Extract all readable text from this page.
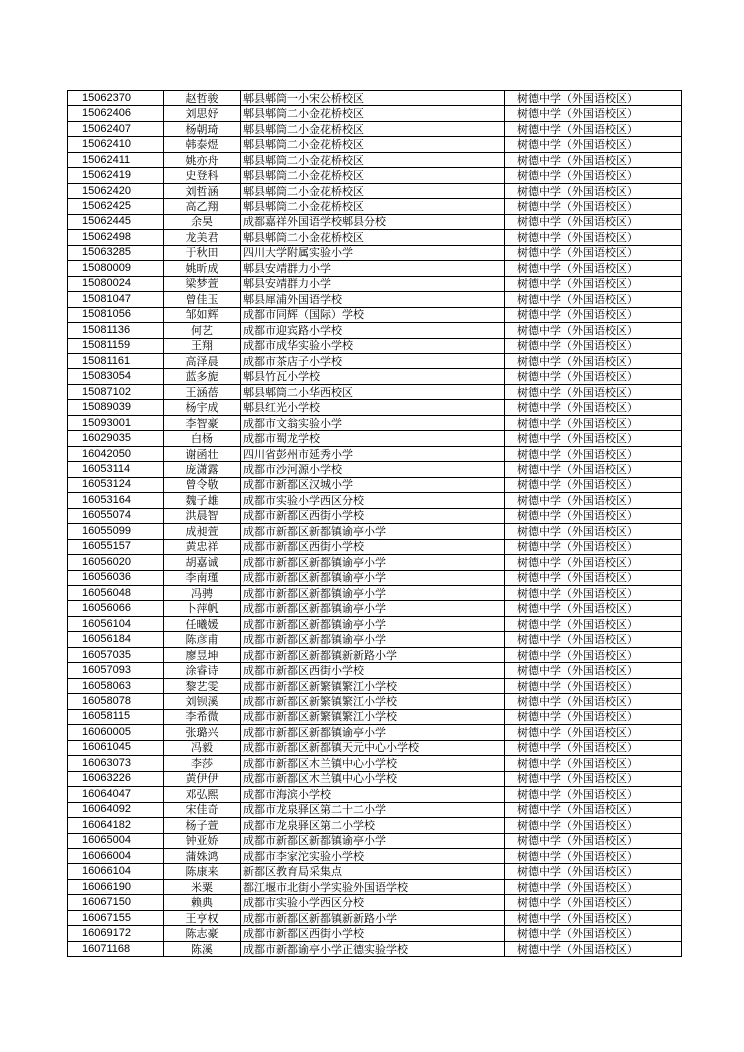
15062370	赵哲骏	郫县郫筒一小宋公桥校区	树德中学（外国语校区）
15062406	刘思妤	郫县郫筒二小金花桥校区	树德中学（外国语校区）
15062407	杨朝琦	郫县郫筒二小金花桥校区	树德中学（外国语校区）
15062410	韩泰煜	郫县郫筒二小金花桥校区	树德中学（外国语校区）
15062411	姚亦舟	郫县郫筒二小金花桥校区	树德中学（外国语校区）
15062419	史登科	郫县郫筒二小金花桥校区	树德中学（外国语校区）
15062420	刘哲涵	郫县郫筒二小金花桥校区	树德中学（外国语校区）
15062425	高乙翔	郫县郫筒二小金花桥校区	树德中学（外国语校区）
15062445	余昊	成都嘉祥外国语学校郫县分校	树德中学（外国语校区）
15062498	龙美君	郫县郫筒二小金花桥校区	树德中学（外国语校区）
15063285	于秋田	四川大学附属实验小学	树德中学（外国语校区）
15080009	姚昕成	郫县安靖群力小学	树德中学（外国语校区）
15080024	梁梦萱	郫县安靖群力小学	树德中学（外国语校区）
15081047	曾佳玉	郫县犀浦外国语学校	树德中学（外国语校区）
15081056	邹如辉	成都市同辉（国际）学校	树德中学（外国语校区）
15081136	何艺	成都市迎宾路小学校	树德中学（外国语校区）
15081159	王翔	成都市成华实验小学校	树德中学（外国语校区）
15081161	高泽晨	成都市茶店子小学校	树德中学（外国语校区）
15083054	蓝多旎	郫县竹瓦小学校	树德中学（外国语校区）
15087102	王涵蓓	郫县郫筒二小华西校区	树德中学（外国语校区）
15089039	杨宇成	郫县红光小学校	树德中学（外国语校区）
15093001	李智豪	成都市文翁实验小学	树德中学（外国语校区）
16029035	白杨	成都市蜀龙学校	树德中学（外国语校区）
16042050	谢函壮	四川省彭州市延秀小学	树德中学（外国语校区）
16053114	庞潇露	成都市沙河源小学校	树德中学（外国语校区）
16053124	曾令敬	成都市新都区汉城小学	树德中学（外国语校区）
16053164	魏子雄	成都市实验小学西区分校	树德中学（外国语校区）
16055074	洪晨智	成都市新都区西街小学校	树德中学（外国语校区）
16055099	成昶萱	成都市新都区新都镇谕亭小学	树德中学（外国语校区）
16055157	黄忠祥	成都市新都区西街小学校	树德中学（外国语校区）
16056020	胡嘉诚	成都市新都区新都镇谕亭小学	树德中学（外国语校区）
16056036	李南瑾	成都市新都区新都镇谕亭小学	树德中学（外国语校区）
16056048	冯骋	成都市新都区新都镇谕亭小学	树德中学（外国语校区）
16056066	卜萍帆	成都市新都区新都镇谕亭小学	树德中学（外国语校区）
16056104	任曦媛	成都市新都区新都镇谕亭小学	树德中学（外国语校区）
16056184	陈彦甫	成都市新都区新都镇谕亭小学	树德中学（外国语校区）
16057035	廖昱坤	成都市新都区新都镇新新路小学	树德中学（外国语校区）
16057093	涂睿诗	成都市新都区西街小学校	树德中学（外国语校区）
16058063	黎艺雯	成都市新都区新繁镇繁江小学校	树德中学（外国语校区）
16058078	刘钡溪	成都市新都区新繁镇繁江小学校	树德中学（外国语校区）
16058115	李希微	成都市新都区新繁镇繁江小学校	树德中学（外国语校区）
16060005	张璐兴	成都市新都区新都镇谕亭小学	树德中学（外国语校区）
16061045	冯毅	成都市新都区新都镇天元中心小学校	树德中学（外国语校区）
16063073	李莎	成都市新都区木兰镇中心小学校	树德中学（外国语校区）
16063226	黄伊伊	成都市新都区木兰镇中心小学校	树德中学（外国语校区）
16064047	邓弘熙	成都市海滨小学校	树德中学（外国语校区）
16064092	宋佳奇	成都市龙泉驿区第二十二小学	树德中学（外国语校区）
16064182	杨子萱	成都市龙泉驿区第二小学校	树德中学（外国语校区）
16065004	钟亚娇	成都市新都区新都镇谕亭小学	树德中学（外国语校区）
16066004	蒲姝鸿	成都市李家沱实验小学校	树德中学（外国语校区）
16066104	陈康来	新都区教育局采集点	树德中学（外国语校区）
16066190	米粟	都江堰市北街小学实验外国语学校	树德中学（外国语校区）
16067150	赖典	成都市实验小学西区分校	树德中学（外国语校区）
16067155	王亨权	成都市新都区新都镇新新路小学	树德中学（外国语校区）
16069172	陈志豪	成都市新都区西街小学校	树德中学（外国语校区）
16071168	陈溪	成都市新都谕亭小学正德实验学校	树德中学（外国语校区）
